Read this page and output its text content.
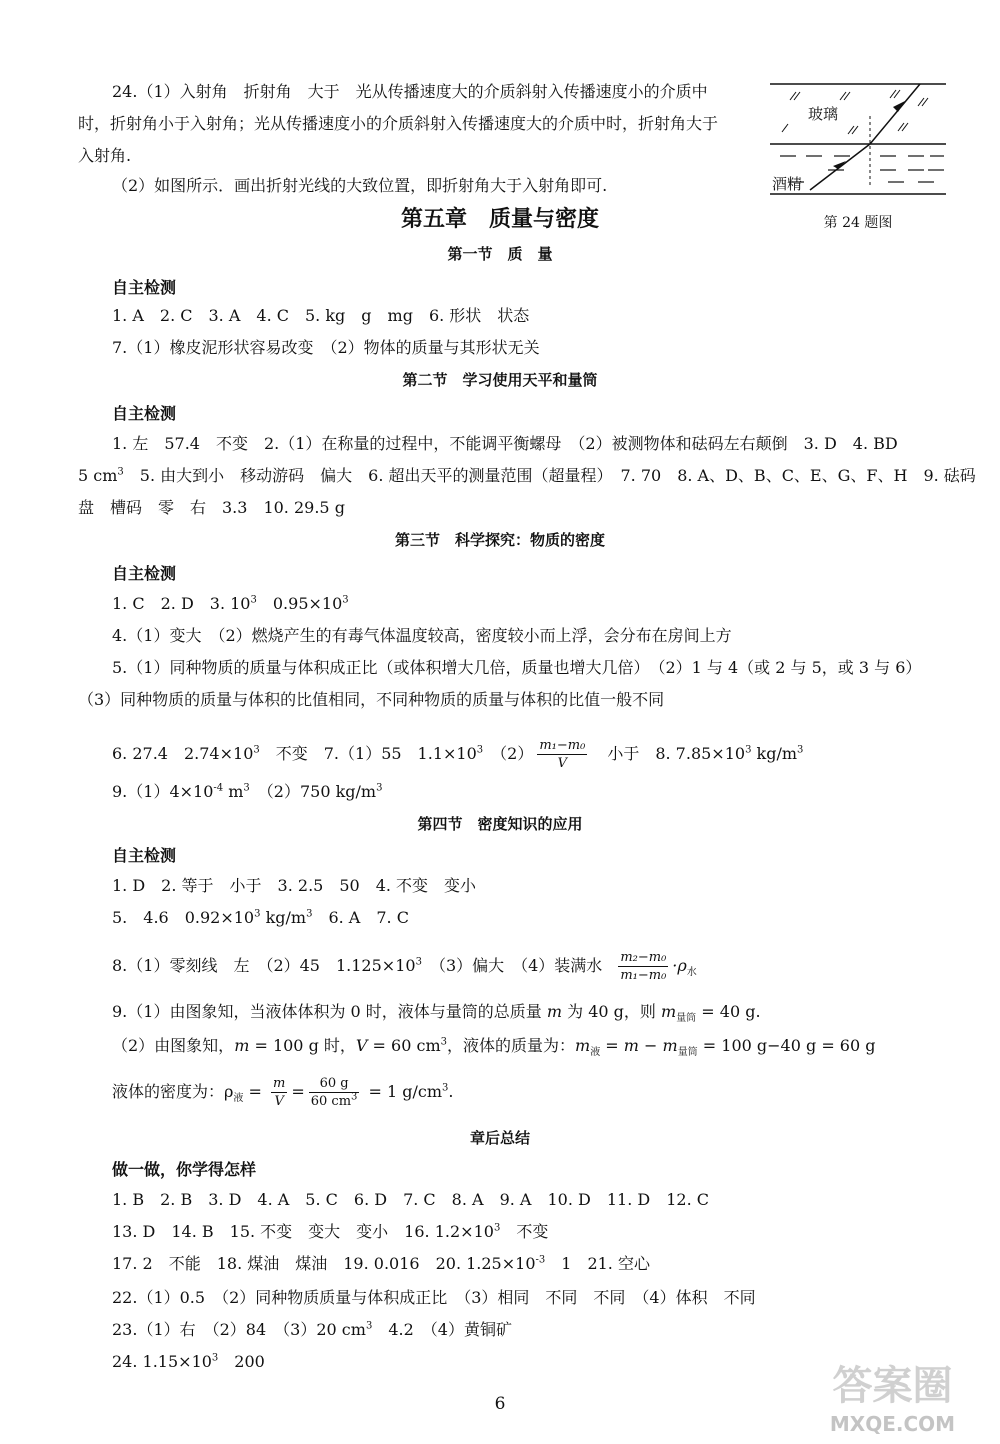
24.（1）入射角　折射角　大于　光从传播速度大的介质斜射入传播速度小的介质中
时，折射角小于入射角；光从传播速度小的介质斜射入传播速度大的介质中时，折射角大于
入射角.
（2）如图所示．画出折射光线的大致位置，即折射角大于入射角即可.
玻璃
酒精
第 24 题图
第五章　质量与密度
第一节　质　量
自主检测
1. A　2. C　3. A　4. C　5. kg　g　mg　6. 形状　状态
7.（1）橡皮泥形状容易改变　（2）物体的质量与其形状无关
第二节　学习使用天平和量筒
自主检测
1. 左　57.4　不变　2.（1）在称量的过程中，不能调平衡螺母　（2）被测物体和砝码左右颠倒　3. D　4. BD
5 $cm^3$　5. 由大到小　移动游码　偏大　6. 超出天平的测量范围（超量程）　7. 70　8. A、D、B、C、E、G、F、H　9. 砝码
盘　槽码　零　右　3.3　10. 29.5 g
第三节　科学探究：物质的密度
自主检测
1. C　2. D　3. $10^3$　$0.95\times 10^3$
4.（1）变大　（2）燃烧产生的有毒气体温度较高，密度较小而上浮，会分布在房间上方
5.（1）同种物质的质量与体积成正比（或体积增大几倍，质量也增大几倍）　（2）1 与 4（或 2 与 5，或 3 与 6）
（3）同种物质的质量与体积的比值相同，不同种物质的质量与体积的比值一般不同
6. 27.4　$2.74\times 10^3$　不变　7.（1）55　$1.1\times 10^3$　$(2) \frac{\text{m₁−m₀}}{V}$ 　小于　8. $7.85\times 10^3$ $kg/m^3$
$9.(1)4\times 10^{-4}$ $m^3$　（2）750 $kg/m^3$
第四节　密度知识的应用
自主检测
1. D　2. 等于　小于　3. 2.5　50　4. 不变　变小
5.　4.6　$0.92\times 10^3$ $kg/m^3$　6. A　7. C
8.（1）零刻线　左　（2）45　$1.125\times 10^3$　（3）偏大　（4）装满水 $\frac{\text{m₂−m₀}}{\text{m₁−m₀}} \cdot\rho_水$
9.（1）由图象知，当液体体积为 0 时，液体与量筒的总质量 m 为 40 g，则 $m_{量筒} = 40$ g.
（2）由图象知，m = 100 g 时，V = 60 $cm^3$，液体的质量为：$m_液 = m - m_{量筒} = 100$ g−40 g = 60 g
液体的密度为：$\rho_液 = \frac{m}{V} = \frac{60 g}{60 cm^3} = 1$ $g/cm^3$.
章后总结
做一做，你学得怎样
1. B　2. B　3. D　4. A　5. C　6. D　7. C　8. A　9. A　10. D　11. D　12. C
13. D　14. B　15. 不变　变大　变小　16. $1.2\times 10^3$　不变
17. 2　不能　18. 煤油　煤油　19. 0.016　20. $1.25\times 10^{-3}$　1　21. 空心
22.（1）0.5　（2）同种物质质量与体积成正比　（3）相同　不同　不同　（4）体积　不同
23.（1）右　（2）84　（3）20 $cm^3$　4.2　（4）黄铜矿
24. $1.15\times 10^3$　200
6	答案圈
MXQE.COM
